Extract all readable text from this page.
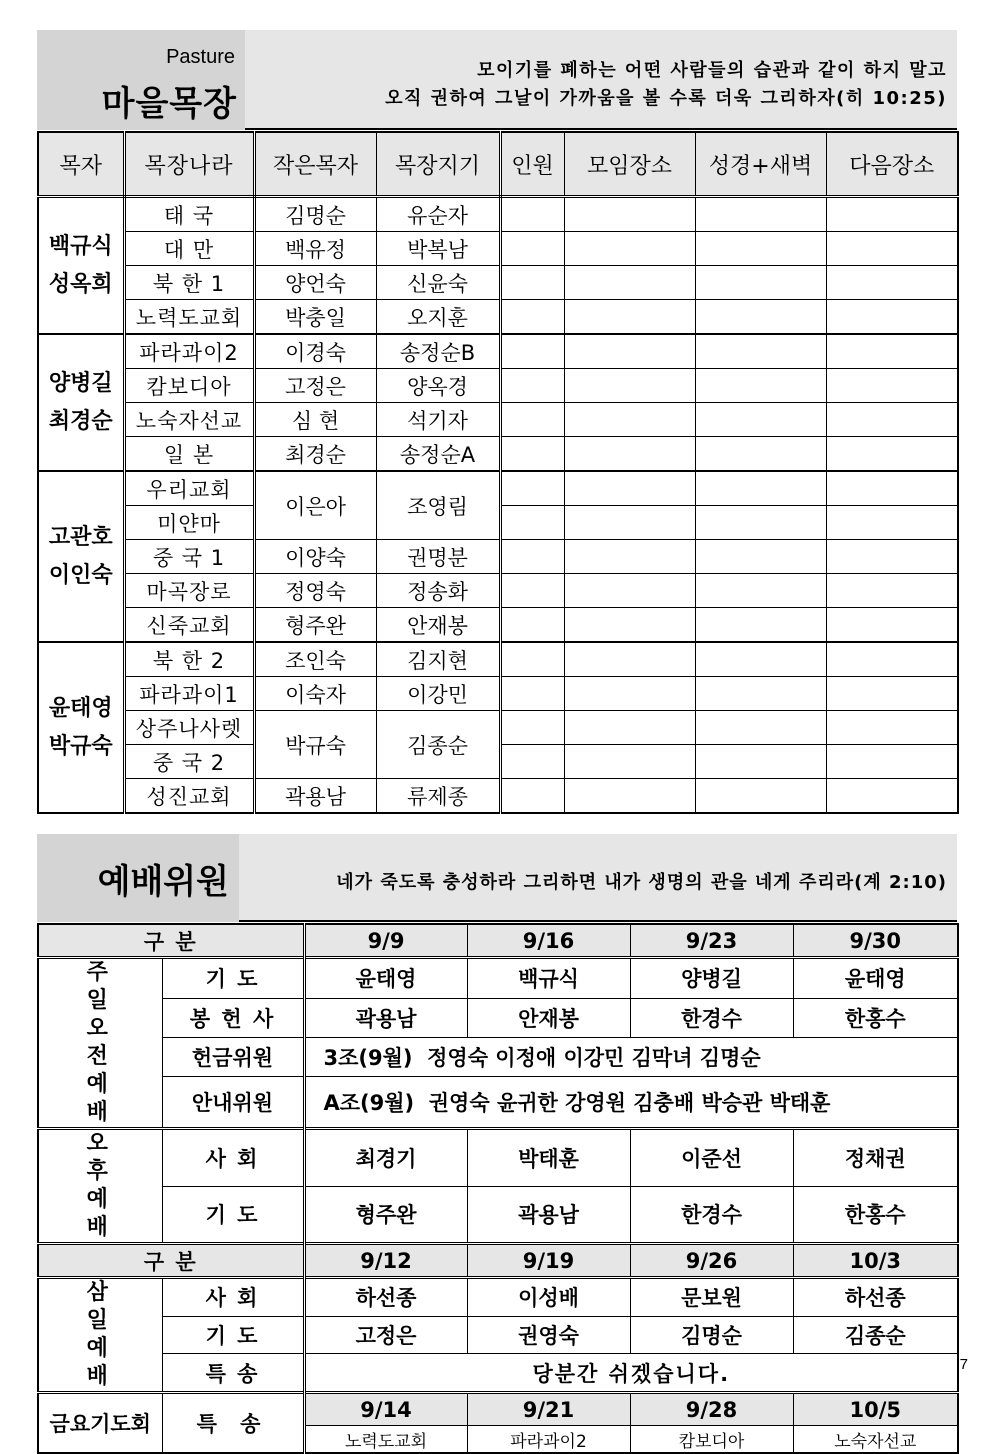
Pasture
마을목장
모이기를 폐하는 어떤 사람들의 습관과 같이 하지 말고
오직 권하여 그날이 가까움을 볼 수록 더욱 그리하자(히 10:25)
목자	목장나라	작은목자	목장지기	인원	모임장소	성경+새벽	다음장소
백규식 성옥희	태 국	김명순	유순자				
	대 만	백유정	박복남				
	북 한 1	양언숙	신윤숙				
	노력도교회	박충일	오지훈				
양병길 최경순	파라과이2	이경숙	송정순B				
	캄보디아	고정은	양옥경				
	노숙자선교	심 현	석기자				
	일 본	최경순	송정순A				
고관호 이인숙	우리교회	이은아	조영림				
	미얀마						
	중 국 1	이양숙	권명분				
	마곡장로	정영숙	정송화				
	신죽교회	형주완	안재봉				
윤태영 박규숙	북 한 2	조인숙	김지현				
	파라과이1	이숙자	이강민				
	상주나사렛	박규숙	김종순				
	중 국 2						
	성진교회	곽용남	류제종				
예배위원	네가 죽도록 충성하라 그리하면 내가 생명의 관을 네게 주리라(계 2:10)
구 분		9/9	9/16	9/23	9/30
주 일 오 전 예 배	기 도	윤태영	백규식	양병길	윤태영
	봉 헌 사	곽용남	안재봉	한경수	한홍수
	헌금위원	3조(9월)  정영숙 이정애 이강민 김막녀 김명순			
	안내위원	A조(9월)  권영숙 윤귀한 강영원 김충배 박승관 박태훈			
오 후 예 배	사 회	최경기	박태훈	이준선	정채권
	기 도	형주완	곽용남	한경수	한홍수
구 분		9/12	9/19	9/26	10/3
삼 일 예 배	사 회	하선종	이성배	문보원	하선종
	기 도	고정은	권영숙	김명순	김종순
	특 송	당분간 쉬겠습니다.			
금요기도회	특 송	9/14	9/21	9/28	10/5
		노력도교회	파라과이2	캄보디아	노숙자선교
7
